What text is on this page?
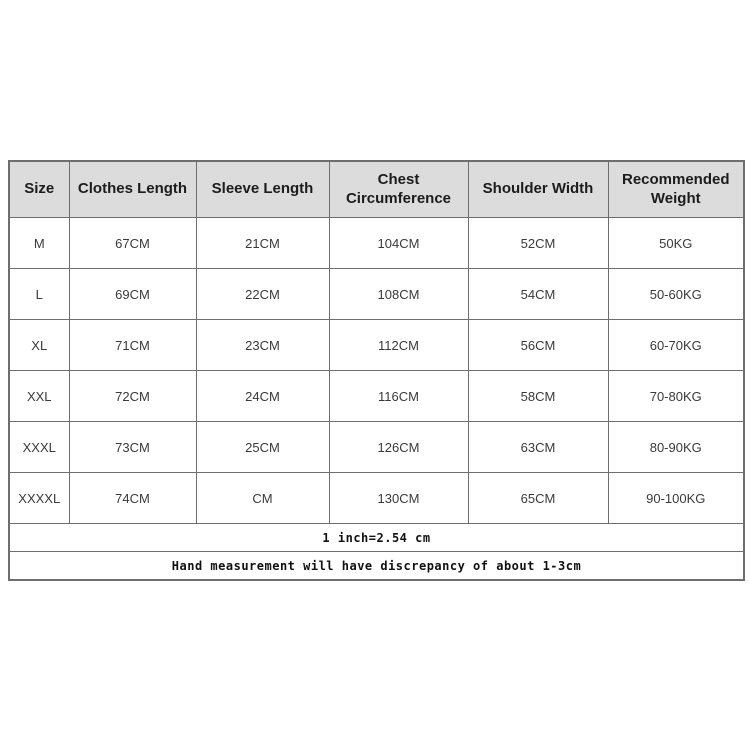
Size	Clothes Length	Sleeve Length	Chest Circumference	Shoulder Width	Recommended Weight
M	67CM	21CM	104CM	52CM	50KG
L	69CM	22CM	108CM	54CM	50-60KG
XL	71CM	23CM	112CM	56CM	60-70KG
XXL	72CM	24CM	116CM	58CM	70-80KG
XXXL	73CM	25CM	126CM	63CM	80-90KG
XXXXL	74CM	CM	130CM	65CM	90-100KG
1 inch=2.54 cm					
Hand measurement will have discrepancy of about 1-3cm					
